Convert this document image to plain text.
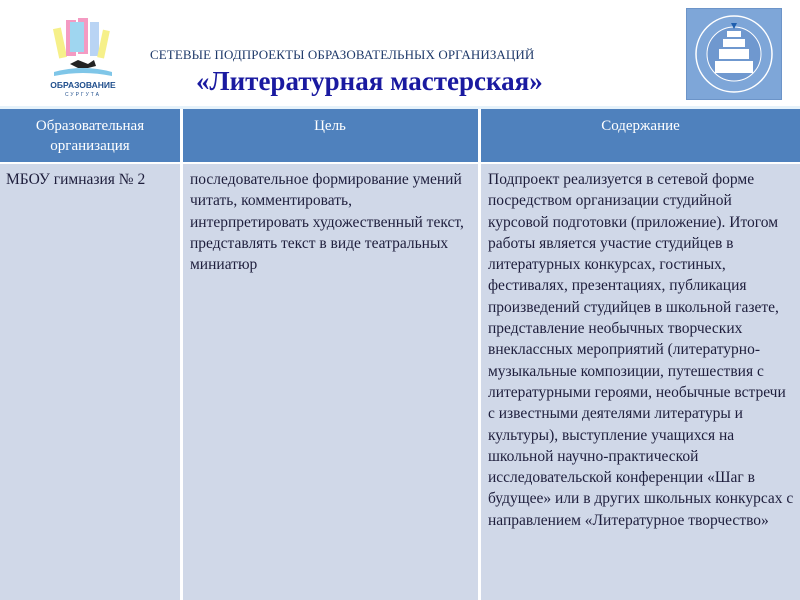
ОБРАЗОВАНИЕ
СУРГУТА
СЕТЕВЫЕ ПОДПРОЕКТЫ ОБРАЗОВАТЕЛЬНЫХ ОРГАНИЗАЦИЙ
«Литературная мастерская»
Образовательная организация
Цель	Содержание
МБОУ гимназия № 2	последовательное формирование умений читать, комментировать, интерпретировать художественный текст, представлять текст в виде театральных миниатюр
Подпроект реализуется в сетевой форме посредством организации студийной курсовой подготовки (приложение). Итогом работы является участие студийцев в литературных конкурсах, гостиных, фестивалях, презентациях, публикация произведений студийцев в школьной газете, представление необычных творческих внеклассных мероприятий (литературно-музыкальные композиции, путешествия с литературными героями, необычные встречи с известными деятелями литературы и культуры), выступление учащихся на школьной научно-практической исследовательской конференции «Шаг в будущее» или в других школьных конкурсах с направлением «Литературное творчество»
